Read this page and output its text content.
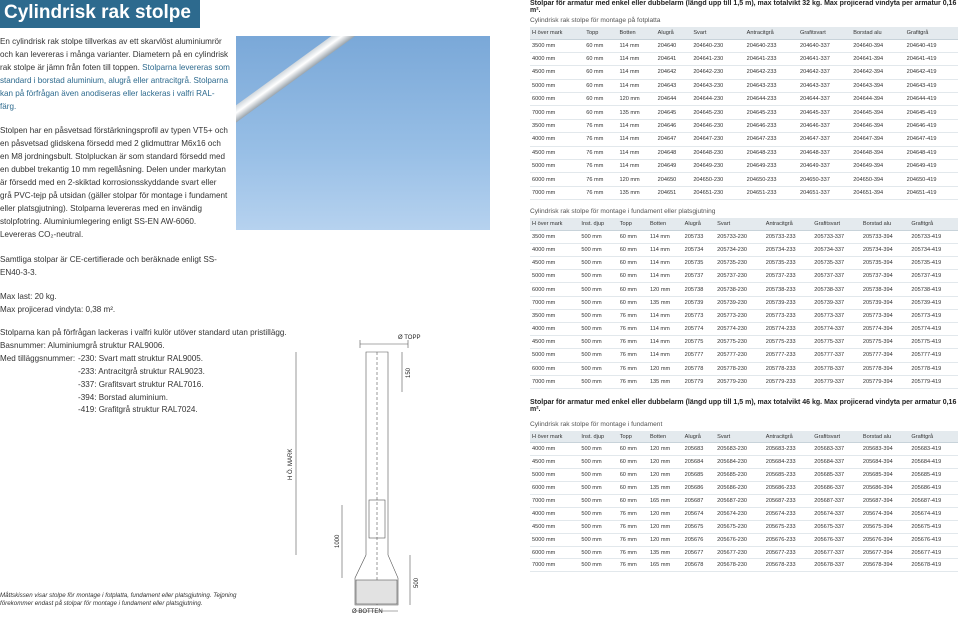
Cylindrisk rak stolpe

En cylindrisk rak stolpe tillverkas av ett skarvlöst aluminiumrör och kan levereras i många varianter. Diametern på en cylindrisk rak stolpe är jämn från foten till toppen. Stolparna levereras som standard i borstad aluminium, alugrå eller antracitgrå. Stolparna kan på förfrågan även anodiseras eller lackeras i valfri RAL-färg.

Stolpen har en påsvetsad förstärkningsprofil av typen VT5+ och en påsvetsad glidskena försedd med 2 glidmuttrar M6x16 och en M8 jordningsbult. Stolpluckan är som standard försedd med en dubbel trekantig 10 mm regellåsning. Delen under markytan är försedd med en 2-skiktad korrosionsskyddande svart eller grå PVC-tejp på utsidan (gäller stolpar för montage i fundament eller platsgjutning). Stolparna levereras med en invändig stolpfotring. Aluminiumlegering enligt SS-EN AW-6060. Levereras CO₂-neutral.

Samtliga stolpar är CE-certifierade och beräknade enligt SS-EN40-3-3.

Max last: 20 kg.
Max projicerad vindyta: 0,38 m².
Stolparna kan på förfrågan lackeras i valfri kulör utöver standard utan pristillägg.
Basnummer: Aluminiumgrå struktur RAL9006.
Med tilläggsnummer: -230: Svart matt struktur RAL9005.
-233: Antracitgrå struktur RAL9023.
-337: Grafitsvart struktur RAL7016.
-394: Borstad aluminium.
-419: Grafitgrå struktur RAL7024.
Ø TOPP
Ø BOTTEN
H Ö. MARK
150
1000
500
Måttskissen visar stolpe för montage i fotplatta, fundament eller platsgjutning. Tejpning förekommer endast på stolpar för montage i fundament eller platsgjutning.
Stolpar för armatur med enkel eller dubbelarm (längd upp till 1,5 m), max totalvikt 32 kg. Max projicerad vindyta per armatur 0,16 m².
Cylindrisk rak stolpe för montage på fotplatta
H över mark	Topp	Botten	Alugrå	Svart	Antracitgrå	Grafitsvart	Borstad alu	Grafitgrå
3500 mm	60 mm	114 mm	204640	204640-230	204640-233	204640-337	204640-394	204640-419
4000 mm	60 mm	114 mm	204641	204641-230	204641-233	204641-337	204641-394	204641-419
4500 mm	60 mm	114 mm	204642	204642-230	204642-233	204642-337	204642-394	204642-419
5000 mm	60 mm	114 mm	204643	204643-230	204643-233	204643-337	204643-394	204643-419
6000 mm	60 mm	120 mm	204644	204644-230	204644-233	204644-337	204644-394	204644-419
7000 mm	60 mm	135 mm	204645	204645-230	204645-233	204645-337	204645-394	204645-419
3500 mm	76 mm	114 mm	204646	204646-230	204646-233	204646-337	204646-394	204646-419
4000 mm	76 mm	114 mm	204647	204647-230	204647-233	204647-337	204647-394	204647-419
4500 mm	76 mm	114 mm	204648	204648-230	204648-233	204648-337	204648-394	204648-419
5000 mm	76 mm	114 mm	204649	204649-230	204649-233	204649-337	204649-394	204649-419
6000 mm	76 mm	120 mm	204650	204650-230	204650-233	204650-337	204650-394	204650-419
7000 mm	76 mm	135 mm	204651	204651-230	204651-233	204651-337	204651-394	204651-419
Cylindrisk rak stolpe för montage i fundament eller platsgjutning
H över mark	Inst. djup	Topp	Botten	Alugrå	Svart	Antracitgrå	Grafitsvart	Borstad alu	Grafitgrå
3500 mm	500 mm	60 mm	114 mm	205733	205733-230	205733-233	205733-337	205733-394	205733-419
4000 mm	500 mm	60 mm	114 mm	205734	205734-230	205734-233	205734-337	205734-394	205734-419
4500 mm	500 mm	60 mm	114 mm	205735	205735-230	205735-233	205735-337	205735-394	205735-419
5000 mm	500 mm	60 mm	114 mm	205737	205737-230	205737-233	205737-337	205737-394	205737-419
6000 mm	500 mm	60 mm	120 mm	205738	205738-230	205738-233	205738-337	205738-394	205738-419
7000 mm	500 mm	60 mm	135 mm	205739	205739-230	205739-233	205739-337	205739-394	205739-419
3500 mm	500 mm	76 mm	114 mm	205773	205773-230	205773-233	205773-337	205773-394	205773-419
4000 mm	500 mm	76 mm	114 mm	205774	205774-230	205774-233	205774-337	205774-394	205774-419
4500 mm	500 mm	76 mm	114 mm	205775	205775-230	205775-233	205775-337	205775-394	205775-419
5000 mm	500 mm	76 mm	114 mm	205777	205777-230	205777-233	205777-337	205777-394	205777-419
6000 mm	500 mm	76 mm	120 mm	205778	205778-230	205778-233	205778-337	205778-394	205778-419
7000 mm	500 mm	76 mm	135 mm	205779	205779-230	205779-233	205779-337	205779-394	205779-419
Stolpar för armatur med enkel eller dubbelarm (längd upp till 1,5 m), max totalvikt 46 kg. Max projicerad vindyta per armatur 0,16 m².
Cylindrisk rak stolpe för montage i fundament
H över mark	Inst. djup	Topp	Botten	Alugrå	Svart	Antracitgrå	Grafitsvart	Borstad alu	Grafitgrå
4000 mm	500 mm	60 mm	120 mm	205683	205683-230	205683-233	205683-337	205683-394	205683-419
4500 mm	500 mm	60 mm	120 mm	205684	205684-230	205684-233	205684-337	205684-394	205684-419
5000 mm	500 mm	60 mm	120 mm	205685	205685-230	205685-233	205685-337	205685-394	205685-419
6000 mm	500 mm	60 mm	135 mm	205686	205686-230	205686-233	205686-337	205686-394	205686-419
7000 mm	500 mm	60 mm	165 mm	205687	205687-230	205687-233	205687-337	205687-394	205687-419
4000 mm	500 mm	76 mm	120 mm	205674	205674-230	205674-233	205674-337	205674-394	205674-419
4500 mm	500 mm	76 mm	120 mm	205675	205675-230	205675-233	205675-337	205675-394	205675-419
5000 mm	500 mm	76 mm	120 mm	205676	205676-230	205676-233	205676-337	205676-394	205676-419
6000 mm	500 mm	76 mm	135 mm	205677	205677-230	205677-233	205677-337	205677-394	205677-419
7000 mm	500 mm	76 mm	165 mm	205678	205678-230	205678-233	205678-337	205678-394	205678-419
